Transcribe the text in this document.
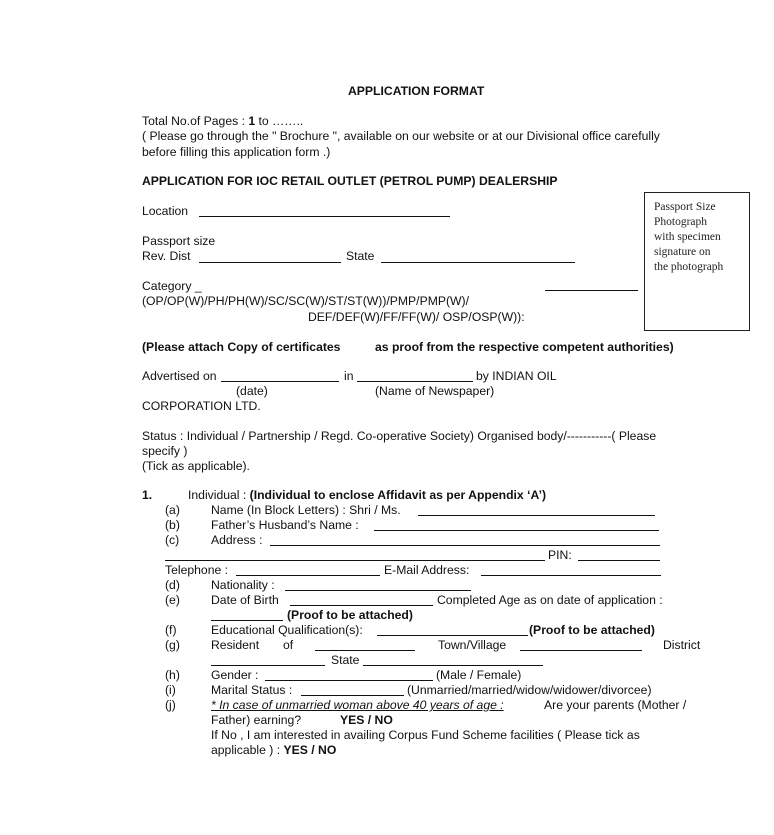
APPLICATION FORMAT
Total No.of Pages : 1 to ……..
( Please go through the " Brochure ", available on our website or at our Divisional office carefully
before filling this application form .)
APPLICATION FOR IOC RETAIL OUTLET (PETROL PUMP) DEALERSHIP
Passport Size
Photograph
with specimen
signature on
the photograph
Location
Passport size
Rev. Dist	State
Category _
(OP/OP(W)/PH/PH(W)/SC/SC(W)/ST/ST(W))/PMP/PMP(W)/
DEF/DEF(W)/FF/FF(W)/ OSP/OSP(W)):
(Please attach Copy of certificates	as proof from the respective competent authorities)
Advertised on	in	by INDIAN OIL
(date)	(Name of Newspaper)
CORPORATION LTD.
Status : Individual / Partnership / Regd. Co-operative Society) Organised body/-----------( Please
specify )
(Tick as applicable).
1.	Individual : (Individual to enclose Affidavit as per Appendix ‘A’)
(a)	Name (In Block Letters) : Shri / Ms.
(b)	Father’s Husband’s Name :
(c)	Address :
PIN:
Telephone :	E-Mail Address:
(d)	Nationality :
(e)	Date of Birth	Completed Age as on date of application :
(Proof to be attached)
(f)	Educational Qualification(s):	(Proof to be attached)
(g)	Resident of	Town/Village	District
State
(h)	Gender :	(Male / Female)
(i)	Marital Status :	(Unmarried/married/widow/widower/divorcee)
(j)	* In case of unmarried woman above 40 years of age :	Are your parents (Mother /
Father) earning?	YES / NO
If No , I am interested in availing Corpus Fund Scheme facilities ( Please tick as
applicable ) : YES / NO
